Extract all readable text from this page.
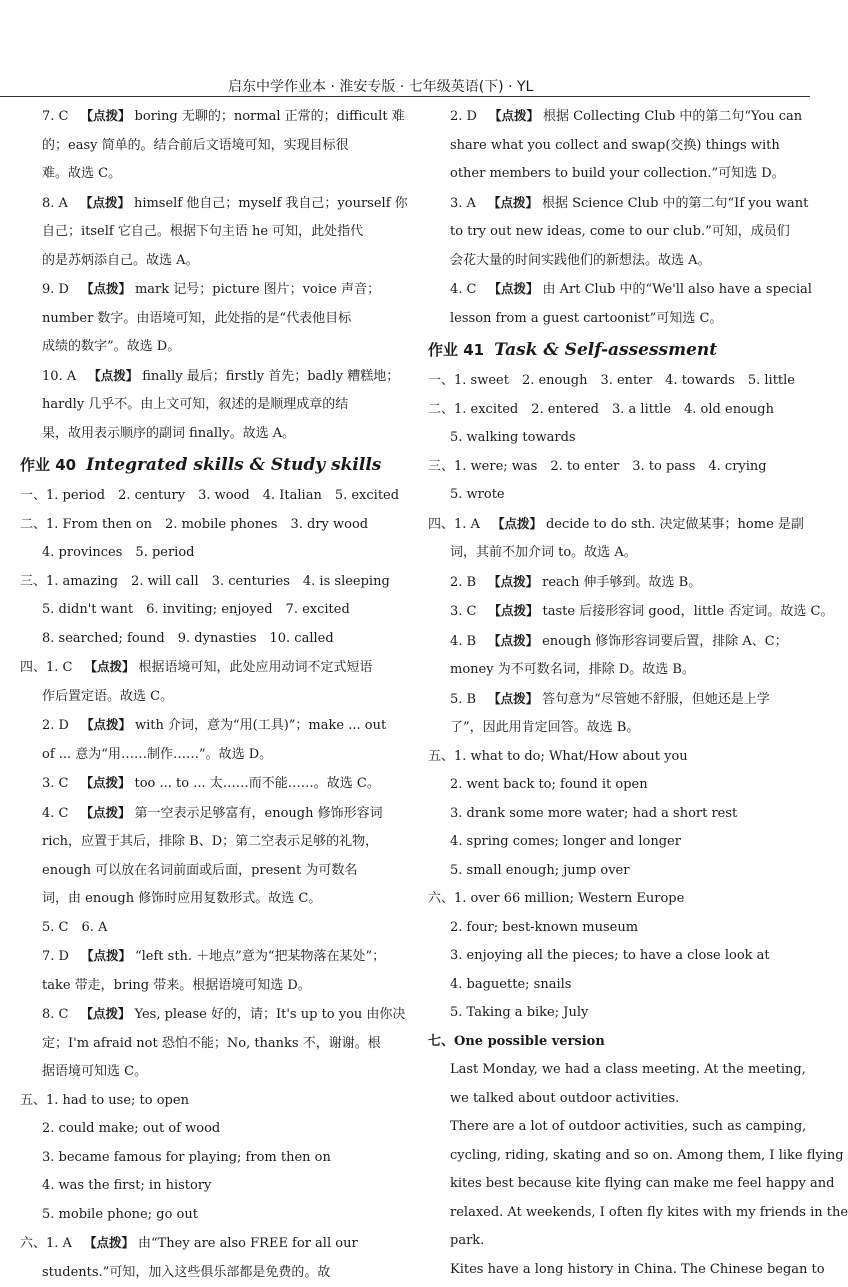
启东中学作业本 · 淮安专版 · 七年级英语(下) · YL
7. C 【点拨】 boring 无聊的；normal 正常的；difficult 难
的；easy 简单的。结合前后文语境可知，实现目标很
难。故选 C。
8. A 【点拨】 himself 他自己；myself 我自己；yourself 你
自己；itself 它自己。根据下句主语 he 可知，此处指代
的是苏炳添自己。故选 A。
9. D 【点拨】 mark 记号；picture 图片；voice 声音；
number 数字。由语境可知，此处指的是“代表他目标
成绩的数字”。故选 D。
10. A 【点拨】 finally 最后；firstly 首先；badly 糟糕地；
hardly 几乎不。由上文可知，叙述的是顺理成章的结
果，故用表示顺序的副词 finally。故选 A。
作业 40 Integrated skills & Study skills
一、1. period　2. century　3. wood　4. Italian　5. excited
二、1. From then on　2. mobile phones　3. dry wood
4. provinces　5. period
三、1. amazing　2. will call　3. centuries　4. is sleeping
5. didn't want　6. inviting; enjoyed　7. excited
8. searched; found　9. dynasties　10. called
四、1. C 【点拨】 根据语境可知，此处应用动词不定式短语
作后置定语。故选 C。
2. D 【点拨】 with 介词，意为“用(工具)”；make ... out
of ... 意为“用……制作……”。故选 D。
3. C 【点拨】 too ... to ... 太……而不能……。故选 C。
4. C 【点拨】 第一空表示足够富有，enough 修饰形容词
rich，应置于其后，排除 B、D；第二空表示足够的礼物，
enough 可以放在名词前面或后面，present 为可数名
词，由 enough 修饰时应用复数形式。故选 C。
5. C　6. A
7. D 【点拨】 “left sth. ＋地点”意为“把某物落在某处”；
take 带走，bring 带来。根据语境可知选 D。
8. C 【点拨】 Yes, please 好的，请；It's up to you 由你决
定；I'm afraid not 恐怕不能；No, thanks 不，谢谢。根
据语境可知选 C。
五、1. had to use; to open
2. could make; out of wood
3. became famous for playing; from then on
4. was the first; in history
5. mobile phone; go out
六、1. A 【点拨】 由“They are also FREE for all our
students.”可知，加入这些俱乐部都是免费的。故
2. D 【点拨】 根据 Collecting Club 中的第二句“You can
share what you collect and swap(交换) things with
other members to build your collection.”可知选 D。
3. A 【点拨】 根据 Science Club 中的第二句“If you want
to try out new ideas, come to our club.”可知，成员们
会花大量的时间实践他们的新想法。故选 A。
4. C 【点拨】 由 Art Club 中的“We'll also have a special
lesson from a guest cartoonist”可知选 C。
作业 41 Task & Self-assessment
一、1. sweet　2. enough　3. enter　4. towards　5. little
二、1. excited　2. entered　3. a little　4. old enough
5. walking towards
三、1. were; was　2. to enter　3. to pass　4. crying
5. wrote
四、1. A 【点拨】 decide to do sth. 决定做某事；home 是副
词，其前不加介词 to。故选 A。
2. B 【点拨】 reach 伸手够到。故选 B。
3. C 【点拨】 taste 后接形容词 good，little 否定词。故选 C。
4. B 【点拨】 enough 修饰形容词要后置，排除 A、C；
money 为不可数名词，排除 D。故选 B。
5. B 【点拨】 答句意为“尽管她不舒服，但她还是上学
了”，因此用肯定回答。故选 B。
五、1. what to do; What/How about you
2. went back to; found it open
3. drank some more water; had a short rest
4. spring comes; longer and longer
5. small enough; jump over
六、1. over 66 million; Western Europe
2. four; best-known museum
3. enjoying all the pieces; to have a close look at
4. baguette; snails
5. Taking a bike; July
七、One possible version
Last Monday, we had a class meeting. At the meeting,
we talked about outdoor activities.
There are a lot of outdoor activities, such as camping,
cycling, riding, skating and so on. Among them, I like flying
kites best because kite flying can make me feel happy and
relaxed. At weekends, I often fly kites with my friends in the
park.
Kites have a long history in China. The Chinese began to
